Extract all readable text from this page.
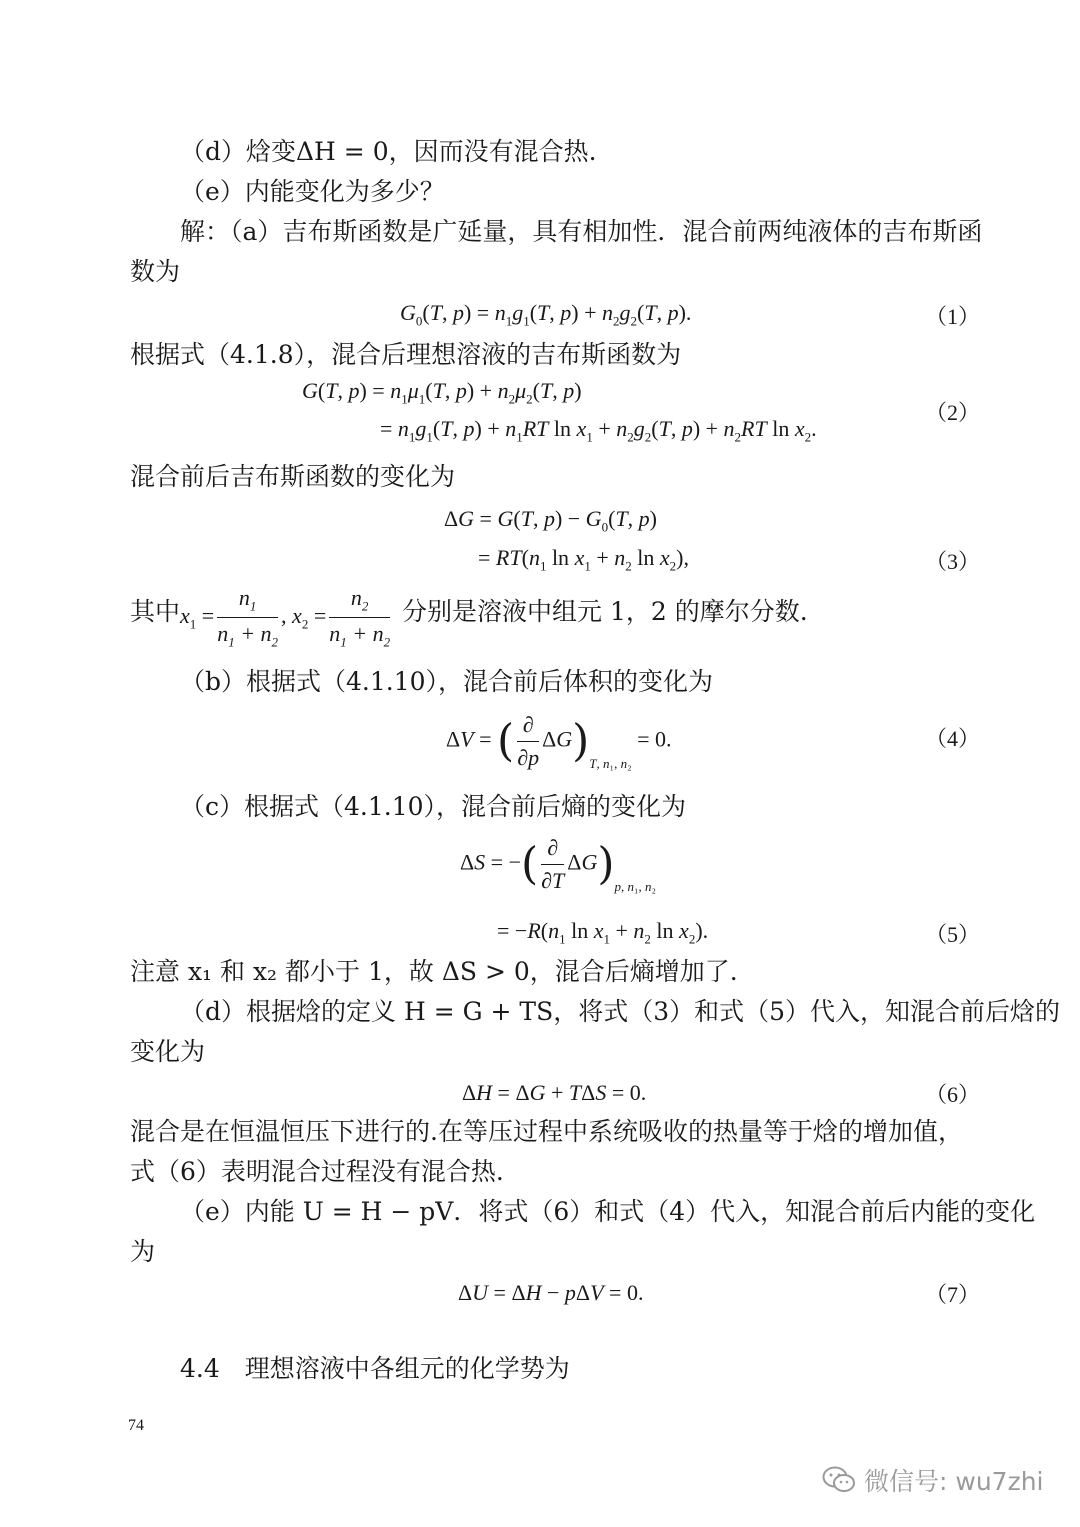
（d）焓变ΔH = 0，因而没有混合热.
（e）内能变化为多少？
解：（a）吉布斯函数是广延量，具有相加性．混合前两纯液体的吉布斯函
数为
$G_0(T$, $p) = n_1g_1(T$, $p) + n_2g_2(T$, p).	（1）
根据式（4.1.8），混合后理想溶液的吉布斯函数为
G(T, $p) = n_1\mu_1(T$, $p) + n_2\mu_2(T$, p)
= $n_1g_1(T$, $p) + n_1RT$ $\ln x_1 + n_2g_2(T$, $p) + n_2RT$ $\ln x_2$.
（2）
混合前后吉布斯函数的变化为
ΔG = G(T, $p) - G_0(T$, p)
= $RT(n_1$ $\ln x_1 + n_2$ $\ln x_2$),	（3）
其中 $x_1 = \frac{n_1}{n_1 + n_2}$ , $x_2 = \frac{n_2}{n_1 + n_2}$ 分别是溶液中组元 1，2 的摩尔分数.
（b）根据式（4.1.10），混合前后体积的变化为
ΔV = ( $\frac{\partial}{\partial p} \Delta G)_{T, n_1, n_2} = 0$.	（4）
（c）根据式（4.1.10），混合前后熵的变化为
ΔS = −( $\frac{\partial}{\partial T} \Delta G)_{p, n_1, n_2}$
= $-R(n_1$ $\ln x_1 + n_2$ $\ln x_2$).	（5）
注意 x₁ 和 x₂ 都小于 1，故 ΔS > 0，混合后熵增加了.
（d）根据焓的定义 H = G + TS，将式（3）和式（5）代入，知混合前后焓的
变化为
ΔH = ΔG + TΔS = 0.	（6）
混合是在恒温恒压下进行的.在等压过程中系统吸收的热量等于焓的增加值，
式（6）表明混合过程没有混合热.
（e）内能 U = H − pV．将式（6）和式（4）代入，知混合前后内能的变化
为
ΔU = ΔH − pΔV = 0.	（7）
4.4　理想溶液中各组元的化学势为
74
微信号: wu7zhi
